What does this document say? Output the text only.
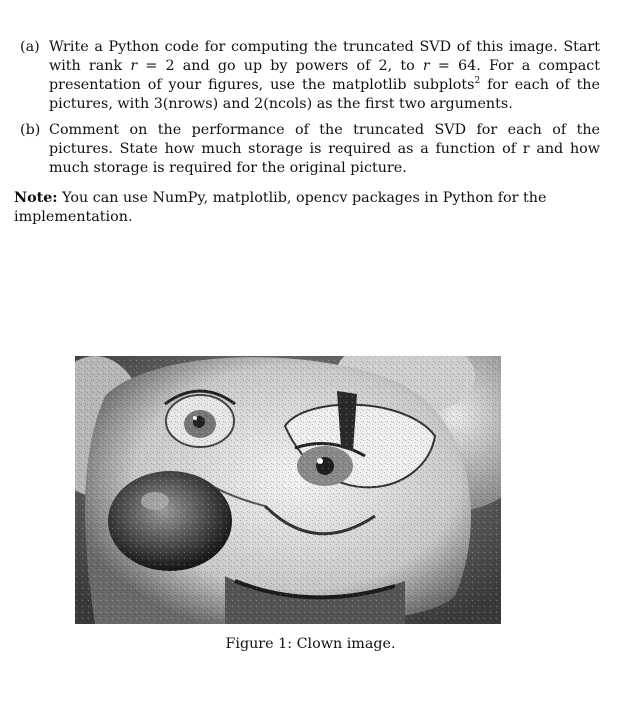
(a) Write a Python code for computing the truncated SVD of this image. Start with rank r = 2 and go up by powers of 2, to r = 64. For a compact presentation of your figures, use the matplotlib subplots$^2$ for each of the pictures, with 3(nrows) and 2(ncols) as the first two arguments.
(b) Comment on the performance of the truncated SVD for each of the pictures. State how much storage is required as a function of r and how much storage is required for the original picture.
Note: You can use NumPy, matplotlib, opencv packages in Python for the implementation.
Figure 1: Clown image.
